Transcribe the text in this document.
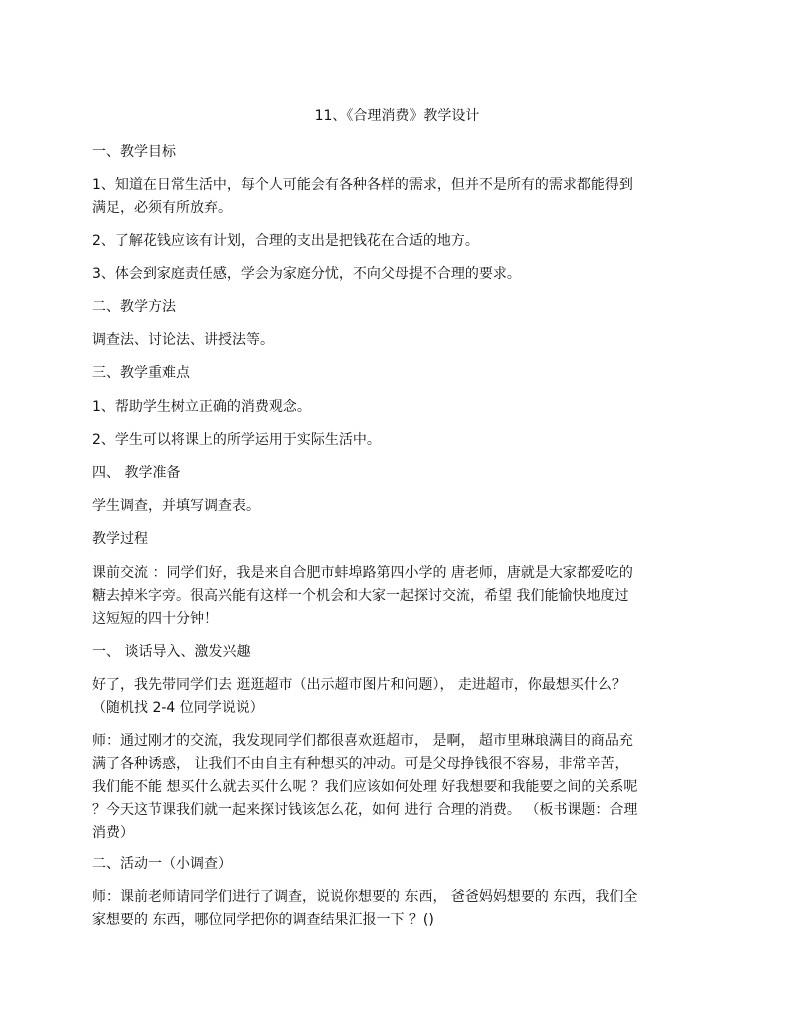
11、《合理消费》教学设计

一、教学目标

1、知道在日常生活中，每个人可能会有各种各样的需求，但并不是所有的需求都能得到
满足，必须有所放弃。

2、了解花钱应该有计划，合理的支出是把钱花在合适的地方。

3、体会到家庭责任感，学会为家庭分忧，不向父母提不合理的要求。

二、教学方法

调查法、讨论法、讲授法等。

三、教学重难点

1、帮助学生树立正确的消费观念。

2、学生可以将课上的所学运用于实际生活中。

四、 教学准备

学生调查，并填写调查表。

教学过程

课前交流 ：同学们好，我是来自合肥市蚌埠路第四小学的 唐老师，唐就是大家都爱吃的
糖去掉米字旁。很高兴能有这样一个机会和大家一起探讨交流，希望 我们能愉快地度过
这短短的四十分钟！

一、 谈话导入、激发兴趣

好了，我先带同学们去 逛逛超市（出示超市图片和问题）， 走进超市，你最想买什么？
（随机找 2-4 位同学说说）
师：通过刚才的交流，我发现同学们都很喜欢逛超市， 是啊， 超市里琳琅满目的商品充
满了各种诱惑， 让我们不由自主有种想买的冲动。可是父母挣钱很不容易，非常辛苦，
我们能不能 想买什么就去买什么呢 ？我们应该如何处理 好我想要和我能要之间的关系呢
？今天这节课我们就一起来探讨钱该怎么花，如何 进行 合理的消费。 （板书课题：合理
消费）

二、活动一（小调查）

师：课前老师请同学们进行了调查，说说你想要的 东西， 爸爸妈妈想要的 东西，我们全
家想要的 东西，哪位同学把你的调查结果汇报一下 ？()
